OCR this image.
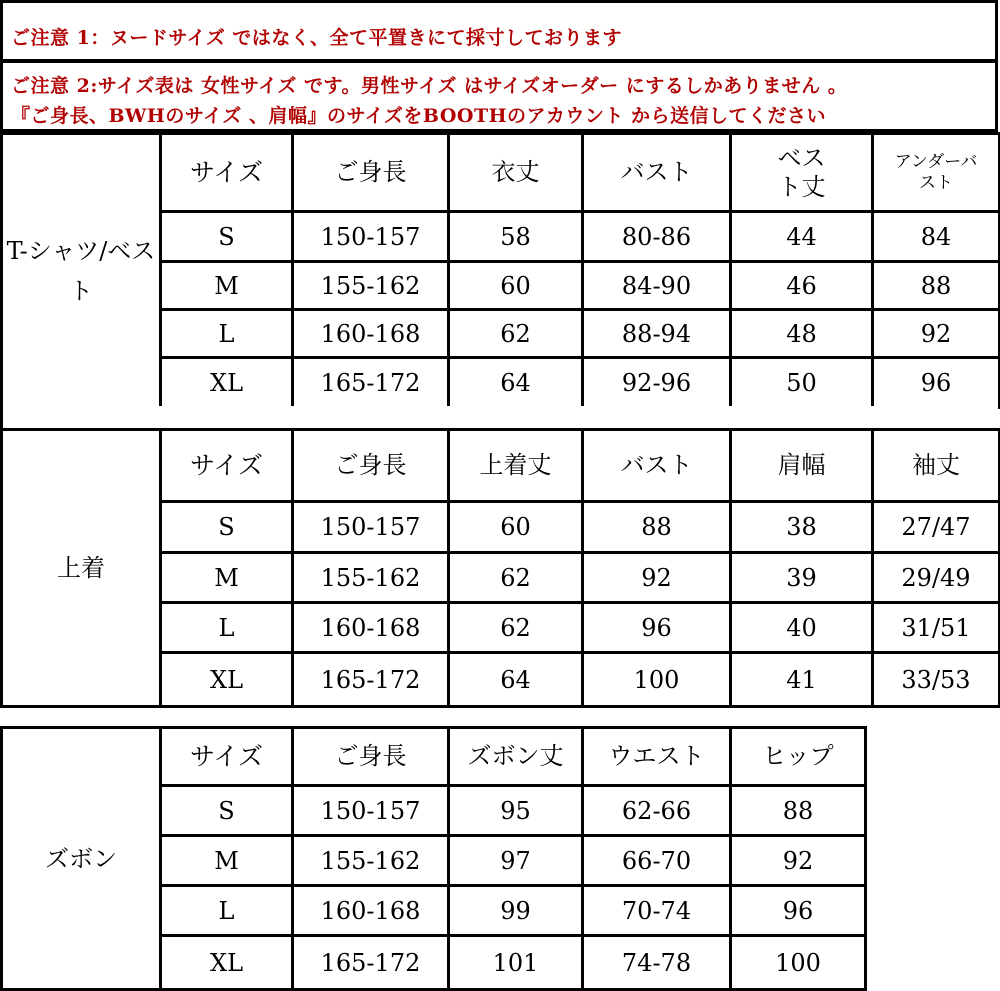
ご注意 1：ヌードサイズ ではなく、全て平置きにて採寸しております
ご注意 2:サイズ表は 女性サイズ です。男性サイズ はサイズオーダー にするしかありません 。
『ご身長、BWHのサイズ 、肩幅』のサイズをBOOTHのアカウント から送信してください
T-シャツ/ベスト	サイズ	ご身長	衣丈	バスト	ベスト丈	アンダーバスト
	S	150-157	58	80-86	44	84
	M	155-162	60	84-90	46	88
	L	160-168	62	88-94	48	92
	XL	165-172	64	92-96	50	96
上着	サイズ	ご身長	上着丈	バスト	肩幅	袖丈
	S	150-157	60	88	38	27/47
	M	155-162	62	92	39	29/49
	L	160-168	62	96	40	31/51
	XL	165-172	64	100	41	33/53
ズボン	サイズ	ご身長	ズボン丈	ウエスト	ヒップ
	S	150-157	95	62-66	88
	M	155-162	97	66-70	92
	L	160-168	99	70-74	96
	XL	165-172	101	74-78	100
